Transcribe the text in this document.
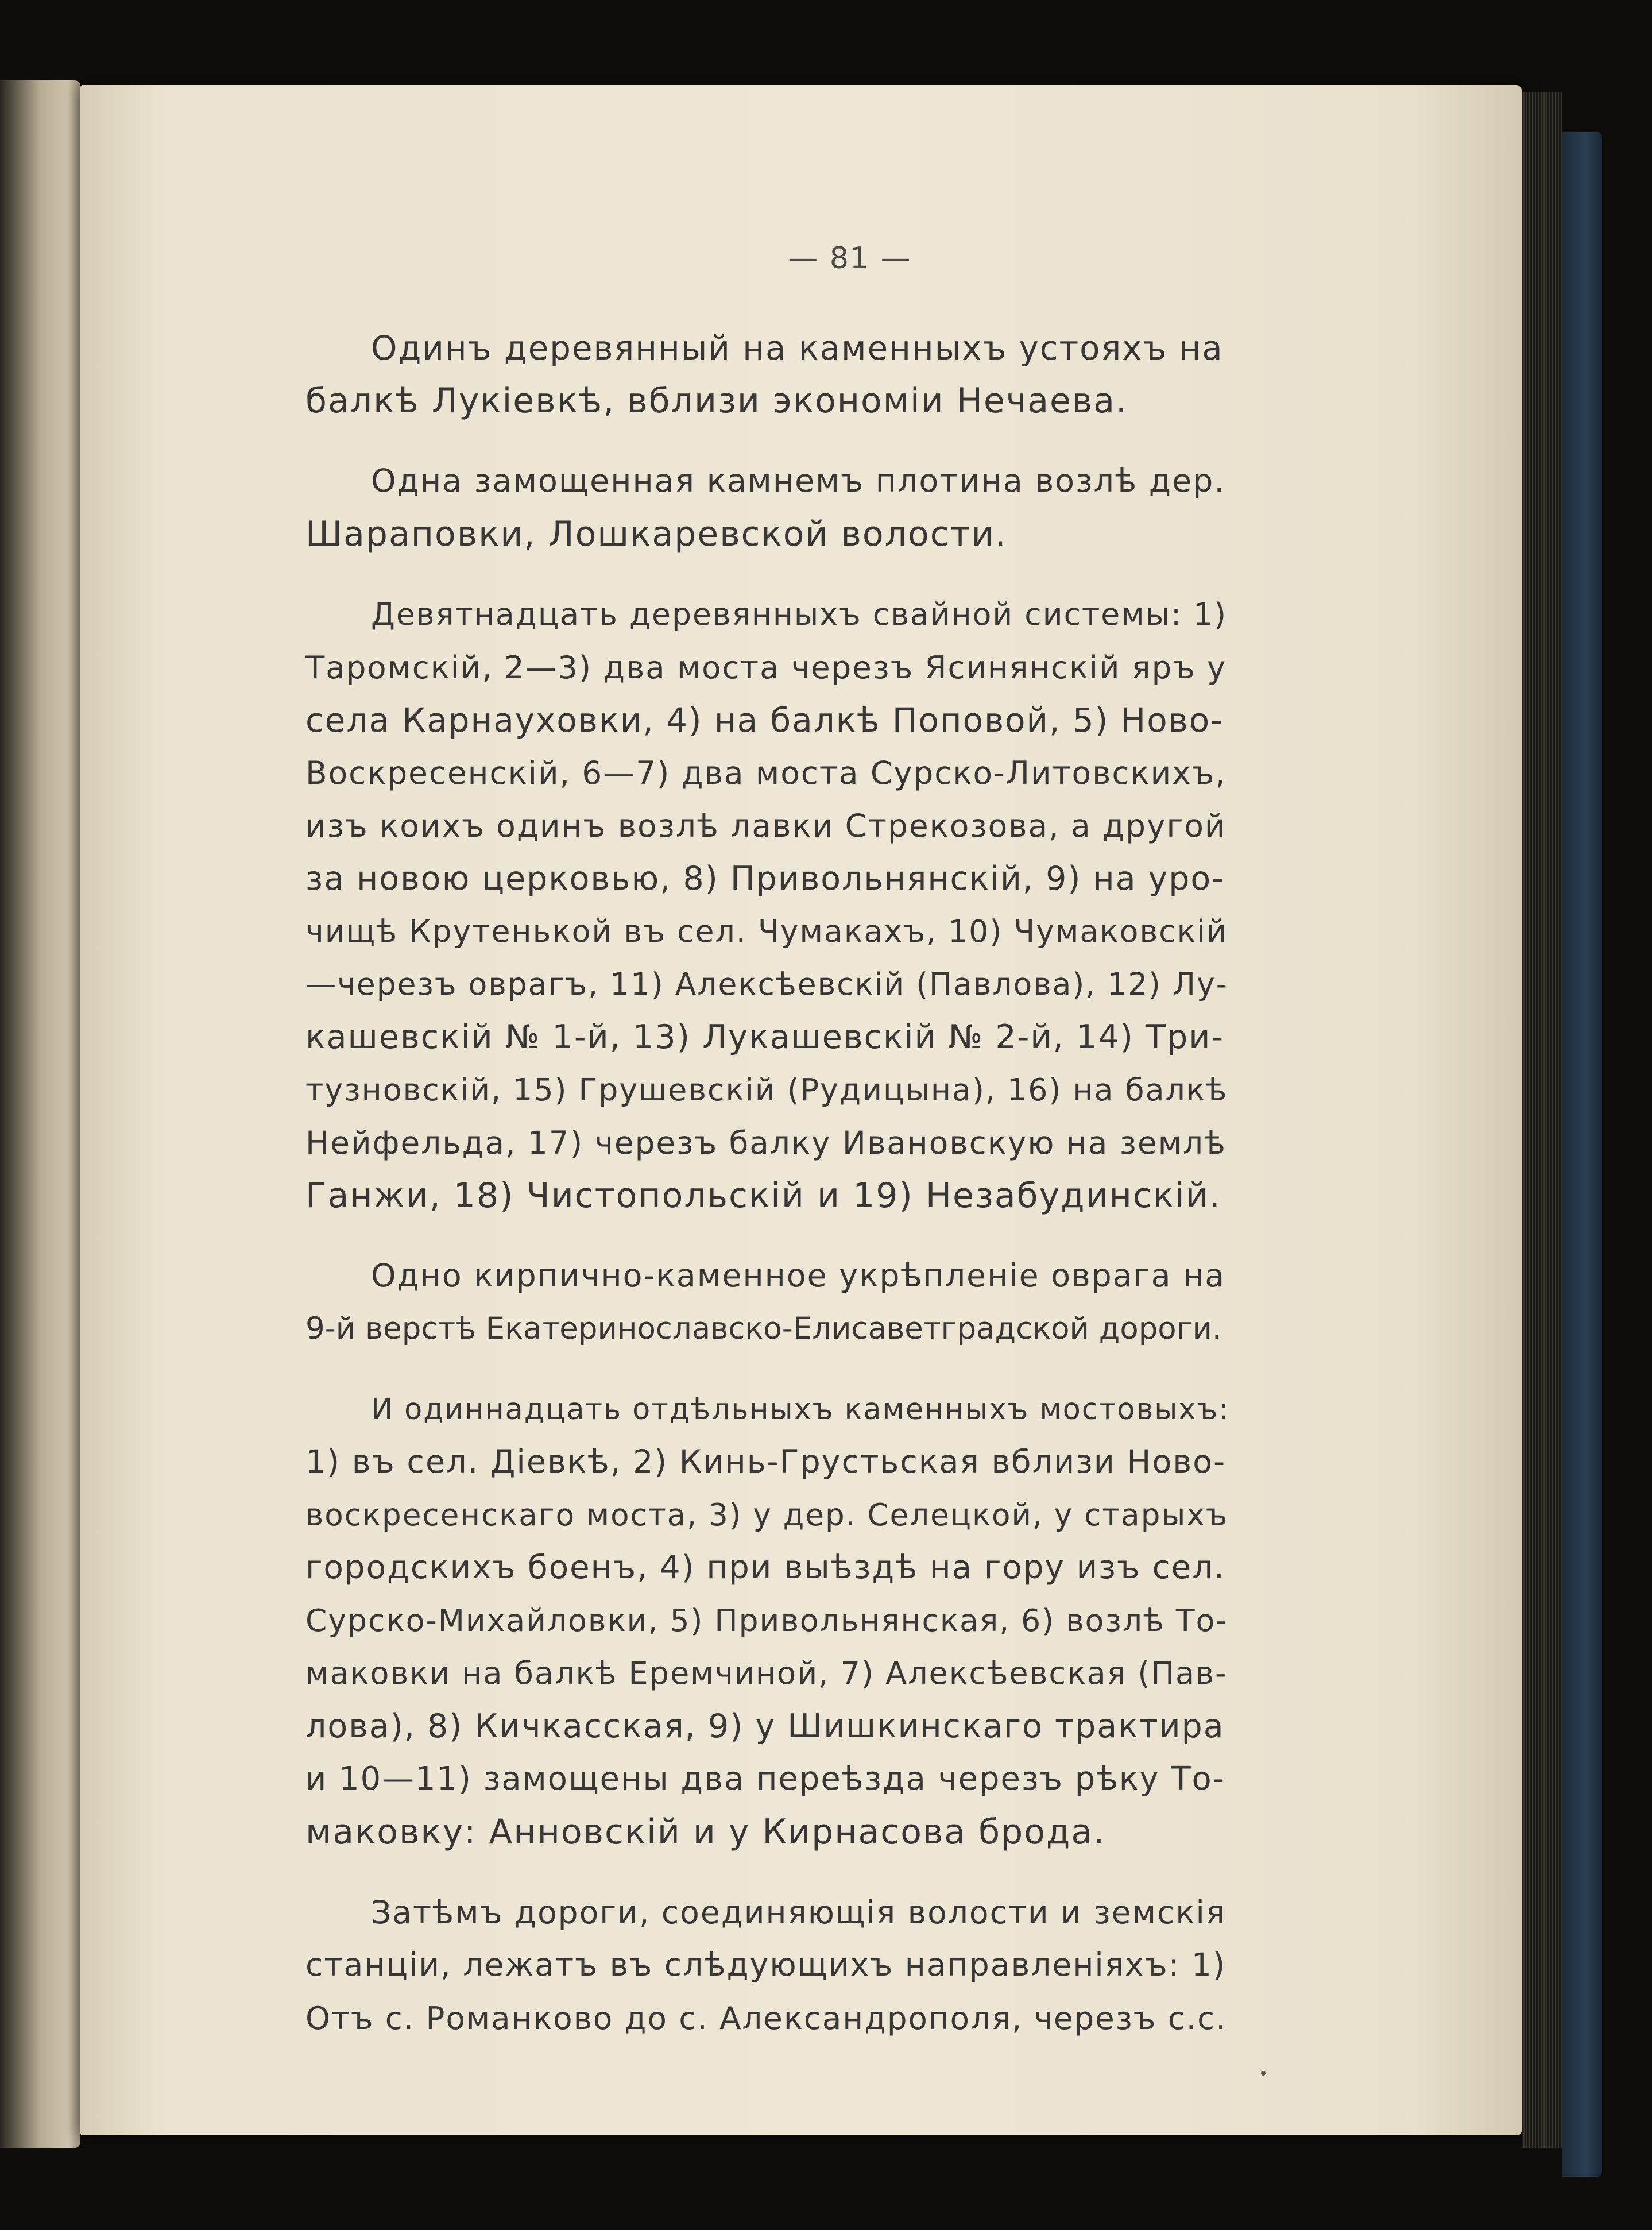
— 81 —

Одинъ деревянный на каменныхъ устояхъ на
балкѣ Лукiевкѣ, вблизи экономiи Нечаева.

Одна замощенная камнемъ плотина возлѣ дер.
Шараповки, Лошкаревской волости.

Девятнадцать деревянныхъ свайной системы: 1)
Таромскiй, 2—3) два моста черезъ Ясинянскiй яръ у
села Карнауховки, 4) на балкѣ Поповой, 5) Ново-
Воскресенскiй, 6—7) два моста Сурско-Литовскихъ,
изъ коихъ одинъ возлѣ лавки Стрекозова, а другой
за новою церковью, 8) Привольнянскiй, 9) на уро-
чищѣ Крутенькой въ сел. Чумакахъ, 10) Чумаковскiй
—черезъ оврагъ, 11) Алексѣевскiй (Павлова), 12) Лу-
кашевскiй № 1-й, 13) Лукашевскiй № 2-й, 14) Три-
тузновскiй, 15) Грушевскiй (Рудицына), 16) на балкѣ
Нейфельда, 17) черезъ балку Ивановскую на землѣ
Ганжи, 18) Чистопольскiй и 19) Незабудинскiй.

Одно кирпично-каменное укрѣпленiе оврага на
9-й верстѣ Екатеринославско-Елисаветградской дороги.

И одиннадцать отдѣльныхъ каменныхъ мостовыхъ:
1) въ сел. Дiевкѣ, 2) Кинь-Грустьская вблизи Ново-
воскресенскаго моста, 3) у дер. Селецкой, у старыхъ
городскихъ боенъ, 4) при выѣздѣ на гору изъ сел.
Сурско-Михайловки, 5) Привольнянская, 6) возлѣ То-
маковки на балкѣ Еремчиной, 7) Алексѣевская (Пав-
лова), 8) Кичкасская, 9) у Шишкинскаго трактира
и 10—11) замощены два переѣзда черезъ рѣку То-
маковку: Анновскiй и у Кирнасова брода.

Затѣмъ дороги, соединяющiя волости и земскiя
станцiи, лежатъ въ слѣдующихъ направленiяхъ: 1)
Отъ с. Романково до с. Александрополя, черезъ с.с.
